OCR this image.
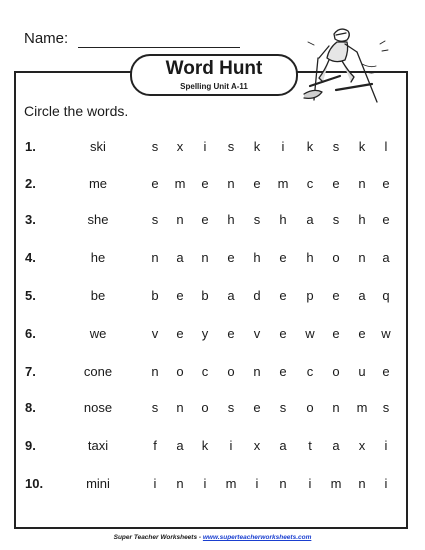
Name:
Word Hunt
Spelling Unit A-11
Circle the words.
1.	ski	s x	i	s k	i	k s k	l
2.	me	e m e n e m c e n e
3.	she	s n e h s h a s h e
4.	he	n a n e h e h o n a
5.	be	b e b a d e p e a q
6.	we	v e y e v e w e e w
7.	cone	n o c o n e c o u e
8.	nose	s n o s e s o n m s
9.	taxi	f	a k	i	x a	t	a x	i
10.	mini	i	n	i	m	i	n	i	m n	i
Super Teacher Worksheets - www.superteacherworksheets.com
